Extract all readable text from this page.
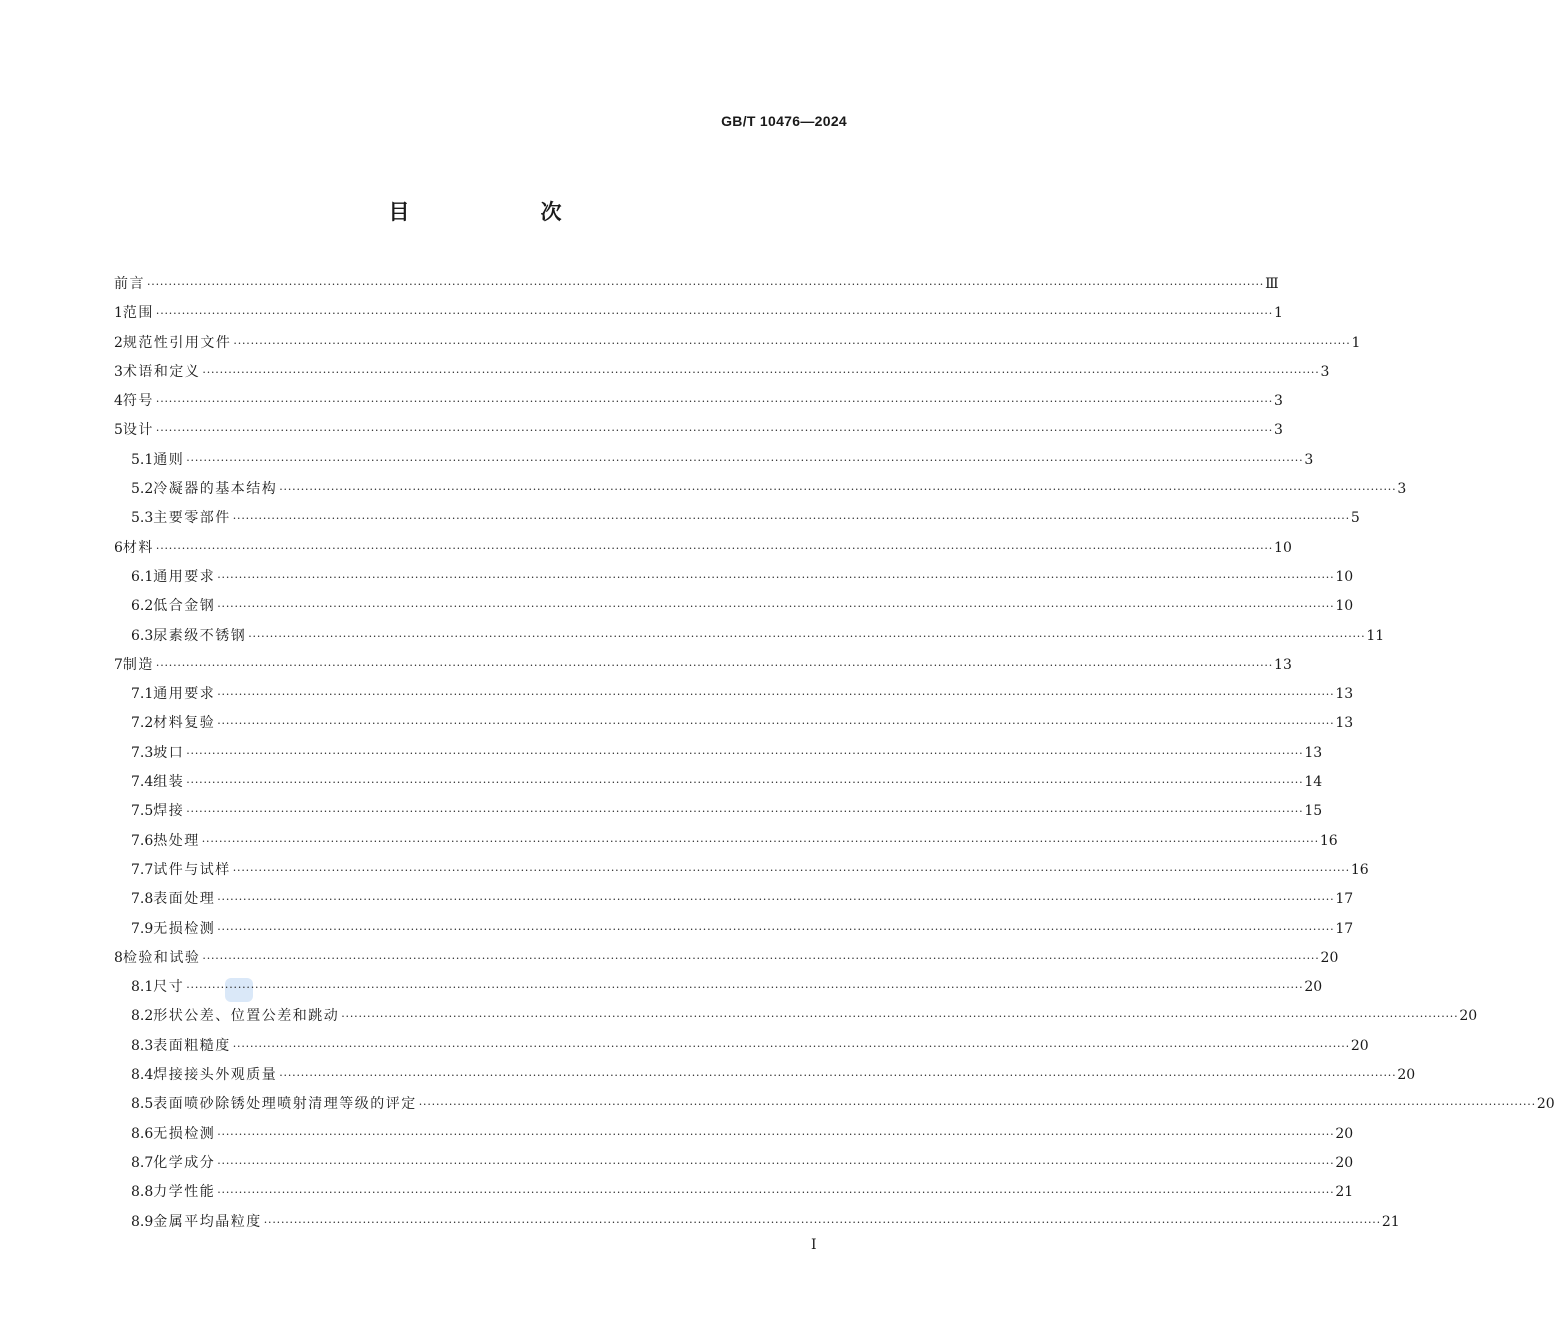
GB/T 10476—2024
目　次
前言 ···································································································································································································································································· Ⅲ
1 范围 ···································································································································································································································································· 1
2 规范性引用文件 ···································································································································································································································································· 1
3 术语和定义 ···································································································································································································································································· 3
4 符号 ···································································································································································································································································· 3
5 设计 ···································································································································································································································································· 3
5.1 通则 ···································································································································································································································································· 3
5.2 冷凝器的基本结构 ···································································································································································································································································· 3
5.3 主要零部件 ···································································································································································································································································· 5
6 材料 ···································································································································································································································································· 10
6.1 通用要求 ···································································································································································································································································· 10
6.2 低合金钢 ···································································································································································································································································· 10
6.3 尿素级不锈钢 ···································································································································································································································································· 11
7 制造 ···································································································································································································································································· 13
7.1 通用要求 ···································································································································································································································································· 13
7.2 材料复验 ···································································································································································································································································· 13
7.3 坡口 ···································································································································································································································································· 13
7.4 组装 ···································································································································································································································································· 14
7.5 焊接 ···································································································································································································································································· 15
7.6 热处理 ···································································································································································································································································· 16
7.7 试件与试样 ···································································································································································································································································· 16
7.8 表面处理 ···································································································································································································································································· 17
7.9 无损检测 ···································································································································································································································································· 17
8 检验和试验 ···································································································································································································································································· 20
8.1 尺寸 ···································································································································································································································································· 20
8.2 形状公差、位置公差和跳动 ···································································································································································································································································· 20
8.3 表面粗糙度 ···································································································································································································································································· 20
8.4 焊接接头外观质量 ···································································································································································································································································· 20
8.5 表面喷砂除锈处理喷射清理等级的评定 ···································································································································································································································································· 20
8.6 无损检测 ···································································································································································································································································· 20
8.7 化学成分 ···································································································································································································································································· 20
8.8 力学性能 ···································································································································································································································································· 21
8.9 金属平均晶粒度 ···································································································································································································································································· 21
Ⅰ
